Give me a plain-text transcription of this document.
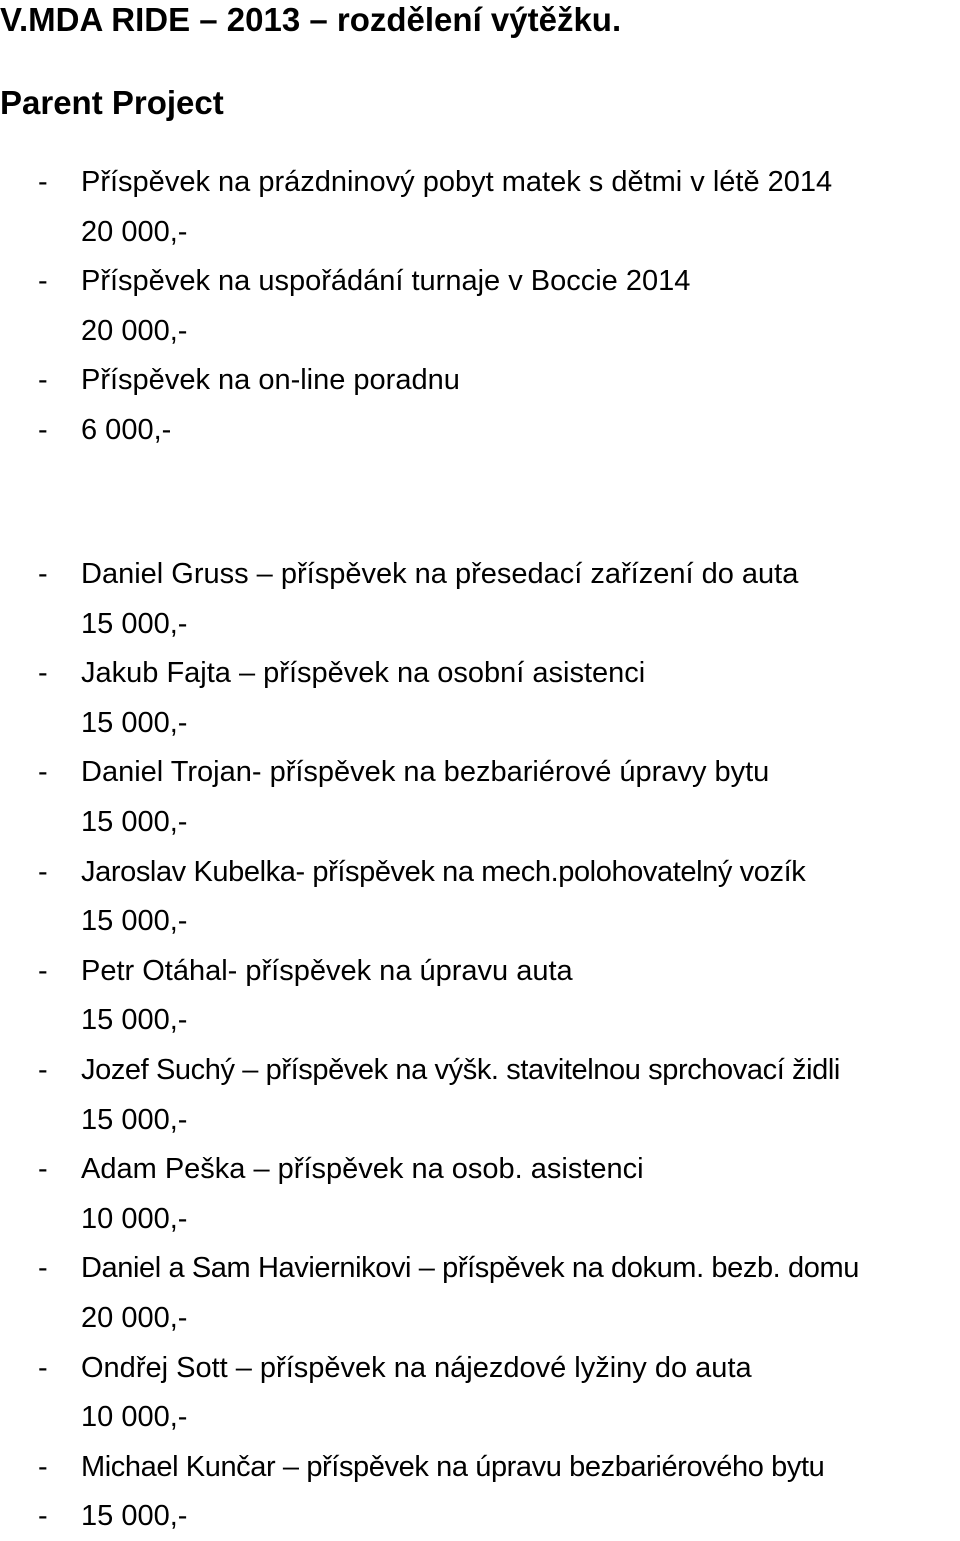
V.MDA RIDE – 2013 – rozdělení výtěžku.
Parent Project
- Příspěvek na prázdninový pobyt matek s dětmi v létě 2014
20 000,-
- Příspěvek na uspořádání turnaje v Boccie 2014
20 000,-
- Příspěvek na on-line poradnu
- 6 000,-
- Daniel Gruss – příspěvek na přesedací zařízení do auta
15 000,-
- Jakub Fajta – příspěvek na osobní asistenci
15 000,-
- Daniel Trojan- příspěvek na bezbariérové úpravy bytu
15 000,-
- Jaroslav Kubelka- příspěvek na mech.polohovatelný vozík
15 000,-
- Petr Otáhal- příspěvek na úpravu auta
15 000,-
- Jozef Suchý – příspěvek na výšk. stavitelnou sprchovací židli
15 000,-
- Adam Peška – příspěvek na osob. asistenci
10 000,-
- Daniel a Sam Haviernikovi – příspěvek na dokum. bezb. domu
20 000,-
- Ondřej Sott – příspěvek na nájezdové lyžiny do auta
10 000,-
- Michael Kunčar – příspěvek na úpravu bezbariérového bytu
- 15 000,-
